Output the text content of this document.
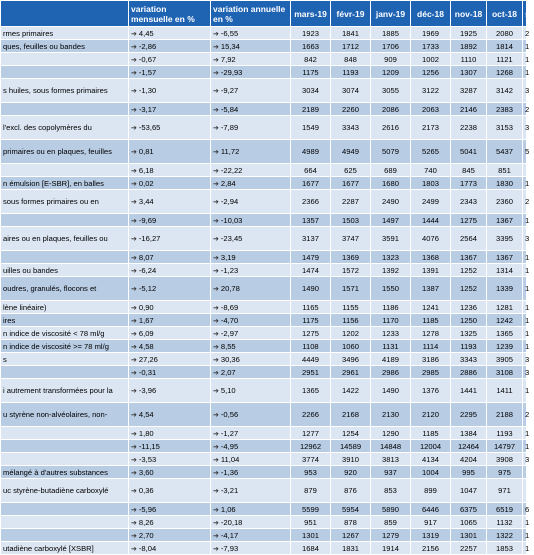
	variation mensuelle en %	variation annuelle en %	mars-19	févr-19	janv-19	déc-18	nov-18	oct-18	se
rmes primaires	➔ 4,45	➔ -6,55	1923	1841	1885	1969	1925	2080	2
ques, feuilles ou bandes	➔ -2,86	➔ 15,34	1663	1712	1706	1733	1892	1814	1
	➔ -0,67	➔ 7,92	842	848	909	1002	1110	1121	1
	➔ -1,57	➔ -29,93	1175	1193	1209	1256	1307	1268	1
s huiles, sous formes primaires	➔ -1,30	➔ -9,27	3034	3074	3055	3122	3287	3142	3
	➔ -3,17	➔ -5,84	2189	2260	2086	2063	2146	2383	2
l'excl. des copolymères du	➔ -53,65	➔ -7,89	1549	3343	2616	2173	2238	3153	3
primaires ou en plaques, feuilles	➔ 0,81	➔ 11,72	4989	4949	5079	5265	5041	5437	5
	➔ 6,18	➔ -22,22	664	625	689	740	845	851	
n émulsion [E-SBR], en balles	➔ 0,02	➔ 2,84	1677	1677	1680	1803	1773	1830	1
sous formes primaires ou en	➔ 3,44	➔ -2,94	2366	2287	2490	2499	2343	2360	2
	➔ -9,69	➔ -10,03	1357	1503	1497	1444	1275	1367	1
aires ou en plaques, feuilles ou	➔ -16,27	➔ -23,45	3137	3747	3591	4076	2564	3395	3
	➔ 8,07	➔ 3,19	1479	1369	1323	1368	1367	1367	1
uilles ou bandes	➔ -6,24	➔ -1,23	1474	1572	1392	1391	1252	1314	1
oudres, granulés, flocons et	➔ -5,12	➔ 20,78	1490	1571	1550	1387	1252	1339	1
lène linéaire)	➔ 0,90	➔ -8,69	1165	1155	1186	1241	1236	1281	1
ires	➔ 1,67	➔ -4,70	1175	1156	1170	1185	1250	1242	1
n indice de viscosité < 78 ml/g	➔ 6,09	➔ -2,97	1275	1202	1233	1278	1325	1365	1
n indice de viscosité >= 78 ml/g	➔ 4,58	➔ 8,55	1108	1060	1131	1114	1193	1239	1
s	➔ 27,26	➔ 30,36	4449	3496	4189	3186	3343	3905	3
	➔ -0,31	➔ 2,07	2951	2961	2986	2985	2886	3108	3
i autrement transformées pour la	➔ -3,96	➔ 5,10	1365	1422	1490	1376	1441	1411	1
u styrène non-alvéolaires, non-	➔ 4,54	➔ -0,56	2266	2168	2130	2120	2295	2188	2
	➔ 1,80	➔ -1,27	1277	1254	1290	1185	1384	1193	1
	➔ -11,15	➔ -4,95	12962	14589	14848	12004	12464	14797	1
	➔ -3,53	➔ 11,04	3774	3910	3813	4134	4204	3908	3
mélangé à d'autres substances	➔ 3,60	➔ -1,36	953	920	937	1004	995	975	
uc styrène-butadiène carboxylé	➔ 0,36	➔ -3,21	879	876	853	899	1047	971	
	➔ -5,96	➔ 1,06	5599	5954	5890	6446	6375	6519	6
	➔ 8,26	➔ -20,18	951	878	859	917	1065	1132	1
	➔ 2,70	➔ -4,17	1301	1267	1279	1319	1301	1322	1
utadiène carboxylé [XSBR]	➔ -8,04	➔ -7,93	1684	1831	1914	2156	2257	1853	1
